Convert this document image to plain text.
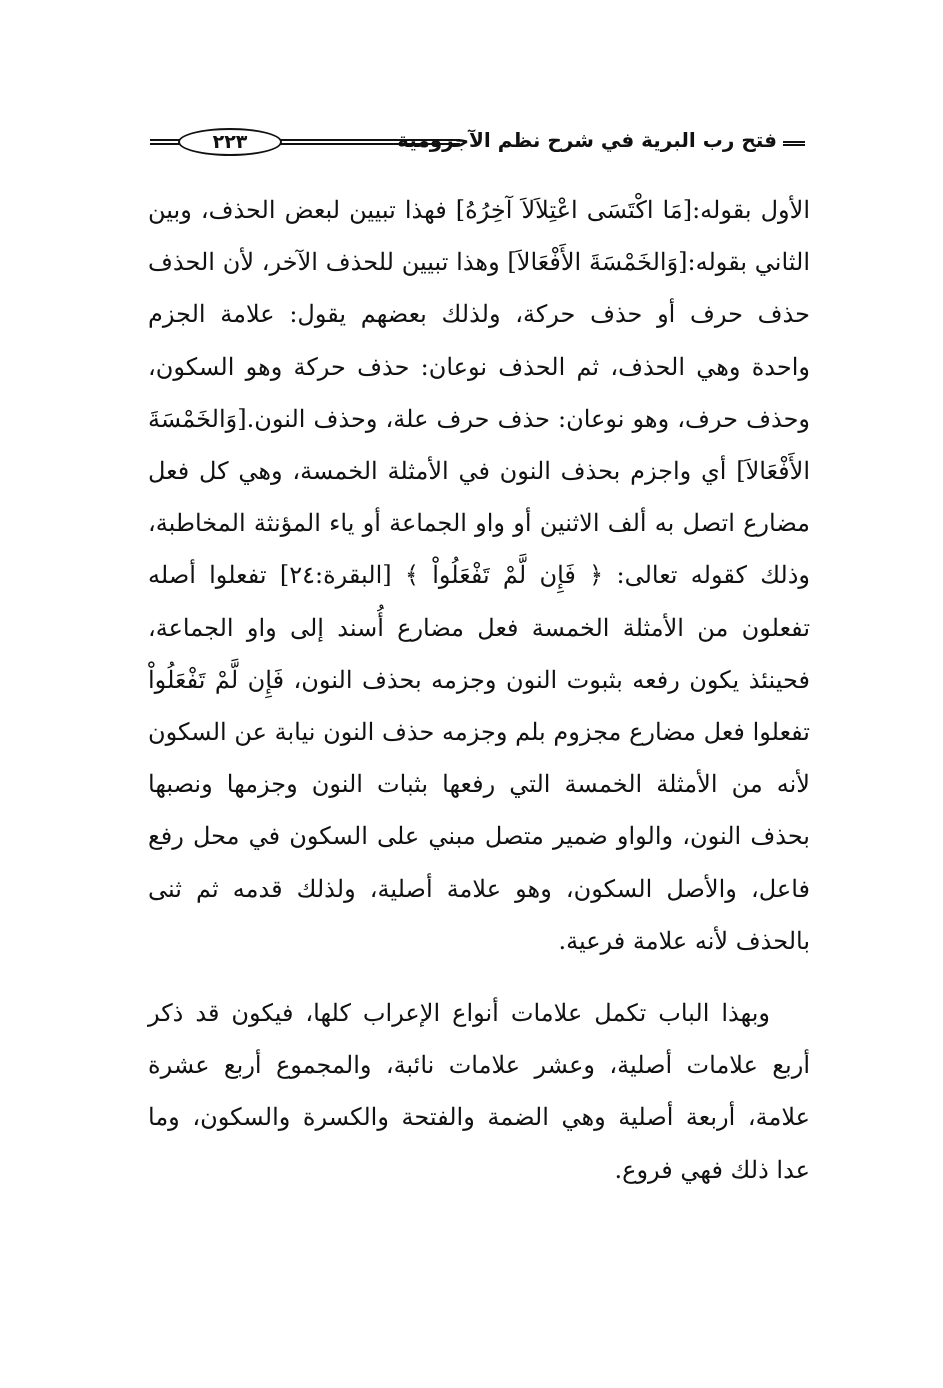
فتح رب البرية في شرح نظم الآجرومية
٢٢٣

الأول بقوله:[مَا اكْتَسَى اعْتِلاَلاَ آخِرُهُ] فهذا تبيين لبعض الحذف، وبين الثاني بقوله:[وَالخَمْسَةَ الأَفْعَالاَ] وهذا تبيين للحذف الآخر، لأن الحذف حذف حرف أو حذف حركة، ولذلك بعضهم يقول: علامة الجزم واحدة وهي الحذف، ثم الحذف نوعان: حذف حركة وهو السكون، وحذف حرف، وهو نوعان: حذف حرف علة، وحذف النون.[وَالخَمْسَةَ الأَفْعَالاَ] أي واجزم بحذف النون في الأمثلة الخمسة، وهي كل فعل مضارع اتصل به ألف الاثنين أو واو الجماعة أو ياء المؤنثة المخاطبة، وذلك كقوله تعالى: ﴿ فَإِن لَّمْ تَفْعَلُواْ ﴾ [البقرة:٢٤] تفعلوا أصله تفعلون من الأمثلة الخمسة فعل مضارع أُسند إلى واو الجماعة، فحينئذ يكون رفعه بثبوت النون وجزمه بحذف النون، فَإِن لَّمْ تَفْعَلُواْ تفعلوا فعل مضارع مجزوم بلم وجزمه حذف النون نيابة عن السكون لأنه من الأمثلة الخمسة التي رفعها بثبات النون وجزمها ونصبها بحذف النون، والواو ضمير متصل مبني على السكون في محل رفع فاعل، والأصل السكون، وهو علامة أصلية، ولذلك قدمه ثم ثنى بالحذف لأنه علامة فرعية.

وبهذا الباب تكمل علامات أنواع الإعراب كلها، فيكون قد ذكر أربع علامات أصلية، وعشر علامات نائبة، والمجموع أربع عشرة علامة، أربعة أصلية وهي الضمة والفتحة والكسرة والسكون، وما عدا ذلك فهي فروع.
